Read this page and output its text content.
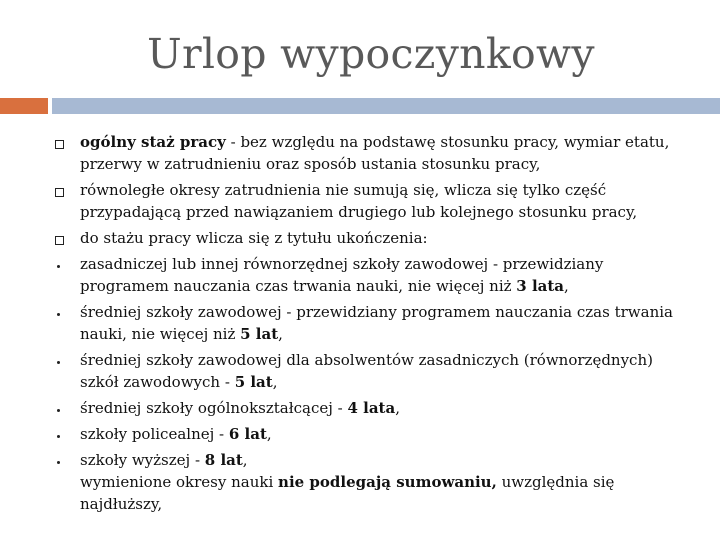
Urlop wypoczynkowy
ogólny staż pracy - bez względu na podstawę stosunku pracy, wymiar etatu, przerwy w zatrudnieniu oraz sposób ustania stosunku pracy,
równoległe okresy zatrudnienia nie sumują się, wlicza się tylko część przypadającą przed nawiązaniem drugiego lub kolejnego stosunku pracy,
do stażu pracy wlicza się z tytułu ukończenia:
zasadniczej lub innej równorzędnej szkoły zawodowej - przewidziany programem nauczania czas trwania nauki, nie więcej niż 3 lata,
średniej szkoły zawodowej - przewidziany programem nauczania czas trwania nauki, nie więcej niż 5 lat,
średniej szkoły zawodowej dla absolwentów zasadniczych (równorzędnych) szkół zawodowych - 5 lat,
średniej szkoły ogólnokształcącej - 4 lata,
szkoły policealnej - 6 lat,
szkoły wyższej - 8 lat,
wymienione okresy nauki nie podlegają sumowaniu, uwzględnia się najdłuższy,
